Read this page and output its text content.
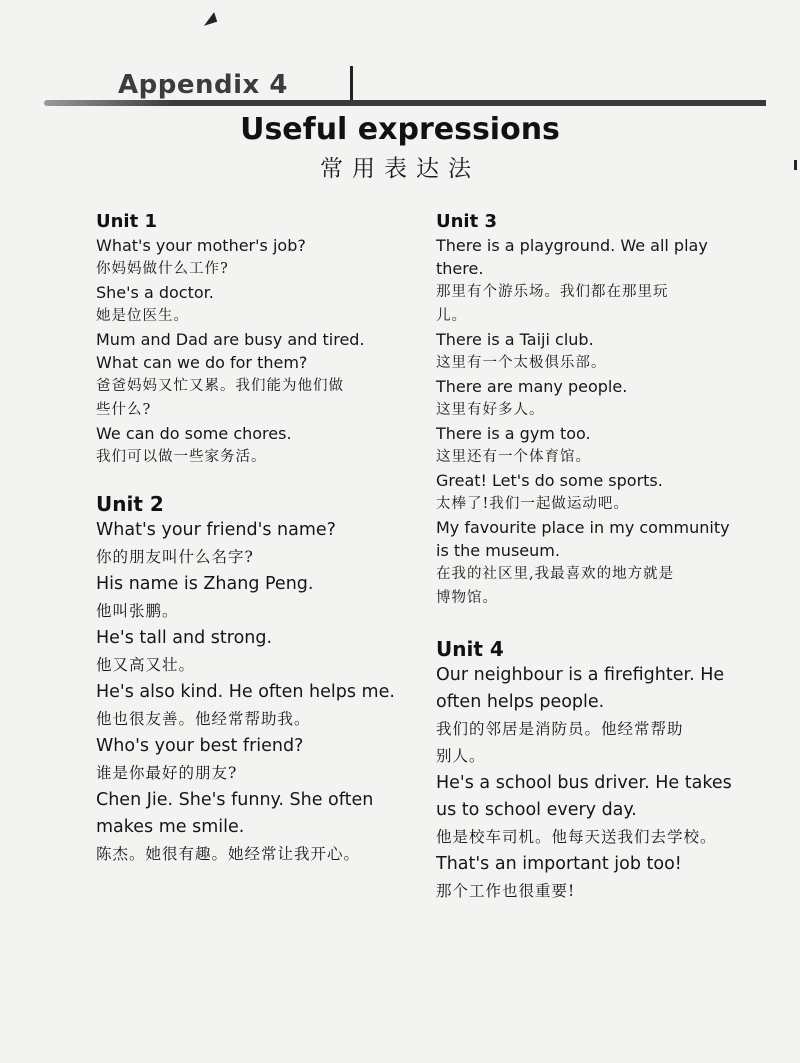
Appendix 4
Useful expressions
常用表达法
Unit 1
What's your mother's job?
你妈妈做什么工作?
She's a doctor.
她是位医生。
Mum and Dad are busy and tired.
What can we do for them?
爸爸妈妈又忙又累。我们能为他们做
些什么?
We can do some chores.
我们可以做一些家务活。
Unit 2
What's your friend's name?
你的朋友叫什么名字?
His name is Zhang Peng.
他叫张鹏。
He's tall and strong.
他又高又壮。
He's also kind. He often helps me.
他也很友善。他经常帮助我。
Who's your best friend?
谁是你最好的朋友?
Chen Jie. She's funny. She often
makes me smile.
陈杰。她很有趣。她经常让我开心。
Unit 3
There is a playground. We all play
there.
那里有个游乐场。我们都在那里玩
儿。
There is a Taiji club.
这里有一个太极俱乐部。
There are many people.
这里有好多人。
There is a gym too.
这里还有一个体育馆。
Great! Let's do some sports.
太棒了!我们一起做运动吧。
My favourite place in my community
is the museum.
在我的社区里,我最喜欢的地方就是
博物馆。
Unit 4
Our neighbour is a firefighter. He
often helps people.
我们的邻居是消防员。他经常帮助
别人。
He's a school bus driver. He takes
us to school every day.
他是校车司机。他每天送我们去学校。
That's an important job too!
那个工作也很重要!
